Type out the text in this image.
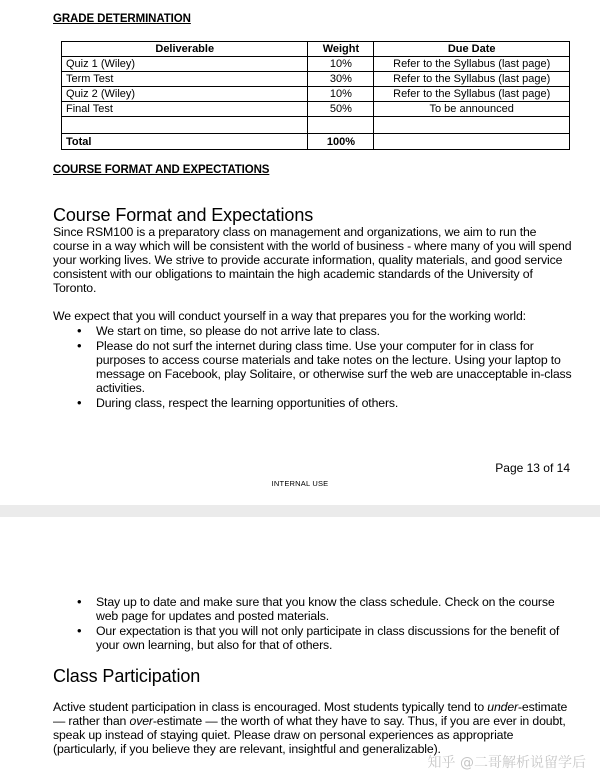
GRADE DETERMINATION
Deliverable	Weight	Due Date
Quiz 1 (Wiley)	10%	Refer to the Syllabus (last page)
Term Test	30%	Refer to the Syllabus (last page)
Quiz 2 (Wiley)	10%	Refer to the Syllabus (last page)
Final Test	50%	To be announced

Total	100%	
COURSE FORMAT AND EXPECTATIONS
Course Format and Expectations
Since RSM100 is a preparatory class on management and organizations, we aim to run the course in a way which will be consistent with the world of business - where many of you will spend your working lives. We strive to provide accurate information, quality materials, and good service consistent with our obligations to maintain the high academic standards of the University of Toronto.
We expect that you will conduct yourself in a way that prepares you for the working world:
• We start on time, so please do not arrive late to class.
• Please do not surf the internet during class time. Use your computer for in class for purposes to access course materials and take notes on the lecture. Using your laptop to message on Facebook, play Solitaire, or otherwise surf the web are unacceptable in-class activities.
• During class, respect the learning opportunities of others.
Page 13 of 14
INTERNAL USE
• Stay up to date and make sure that you know the class schedule. Check on the course web page for updates and posted materials.
• Our expectation is that you will not only participate in class discussions for the benefit of your own learning, but also for that of others.
Class Participation
Active student participation in class is encouraged. Most students typically tend to under-estimate — rather than over-estimate — the worth of what they have to say. Thus, if you are ever in doubt, speak up instead of staying quiet. Please draw on personal experiences as appropriate (particularly, if you believe they are relevant, insightful and generalizable).
知乎 @二哥解析说留学后
